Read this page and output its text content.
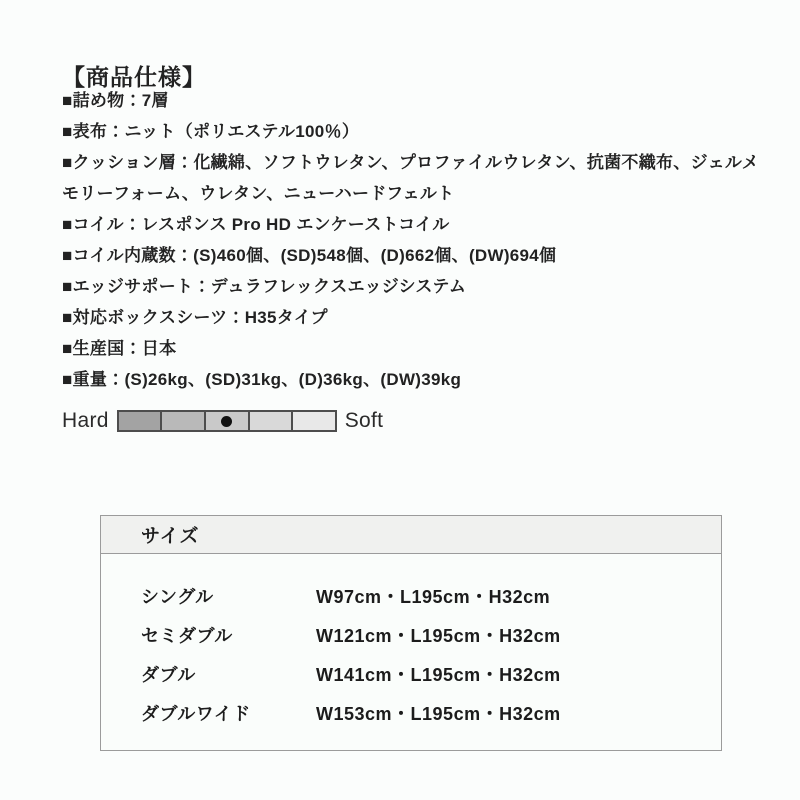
【商品仕様】

■詰め物：7層

■表布：ニット（ポリエステル100％）

■クッション層：化繊綿、ソフトウレタン、プロファイルウレタン、抗菌不織布、ジェルメモリーフォーム、ウレタン、ニューハードフェルト

■コイル：レスポンス Pro HD エンケーストコイル

■コイル内蔵数：(S)460個、(SD)548個、(D)662個、(DW)694個

■エッジサポート：デュラフレックスエッジシステム

■対応ボックスシーツ：H35タイプ

■生産国：日本

■重量：(S)26kg、(SD)31kg、(D)36kg、(DW)39kg

Hard	Soft
サイズ
シングル	W97cm・L195cm・H32cm
セミダブル	W121cm・L195cm・H32cm
ダブル	W141cm・L195cm・H32cm
ダブルワイド	W153cm・L195cm・H32cm
